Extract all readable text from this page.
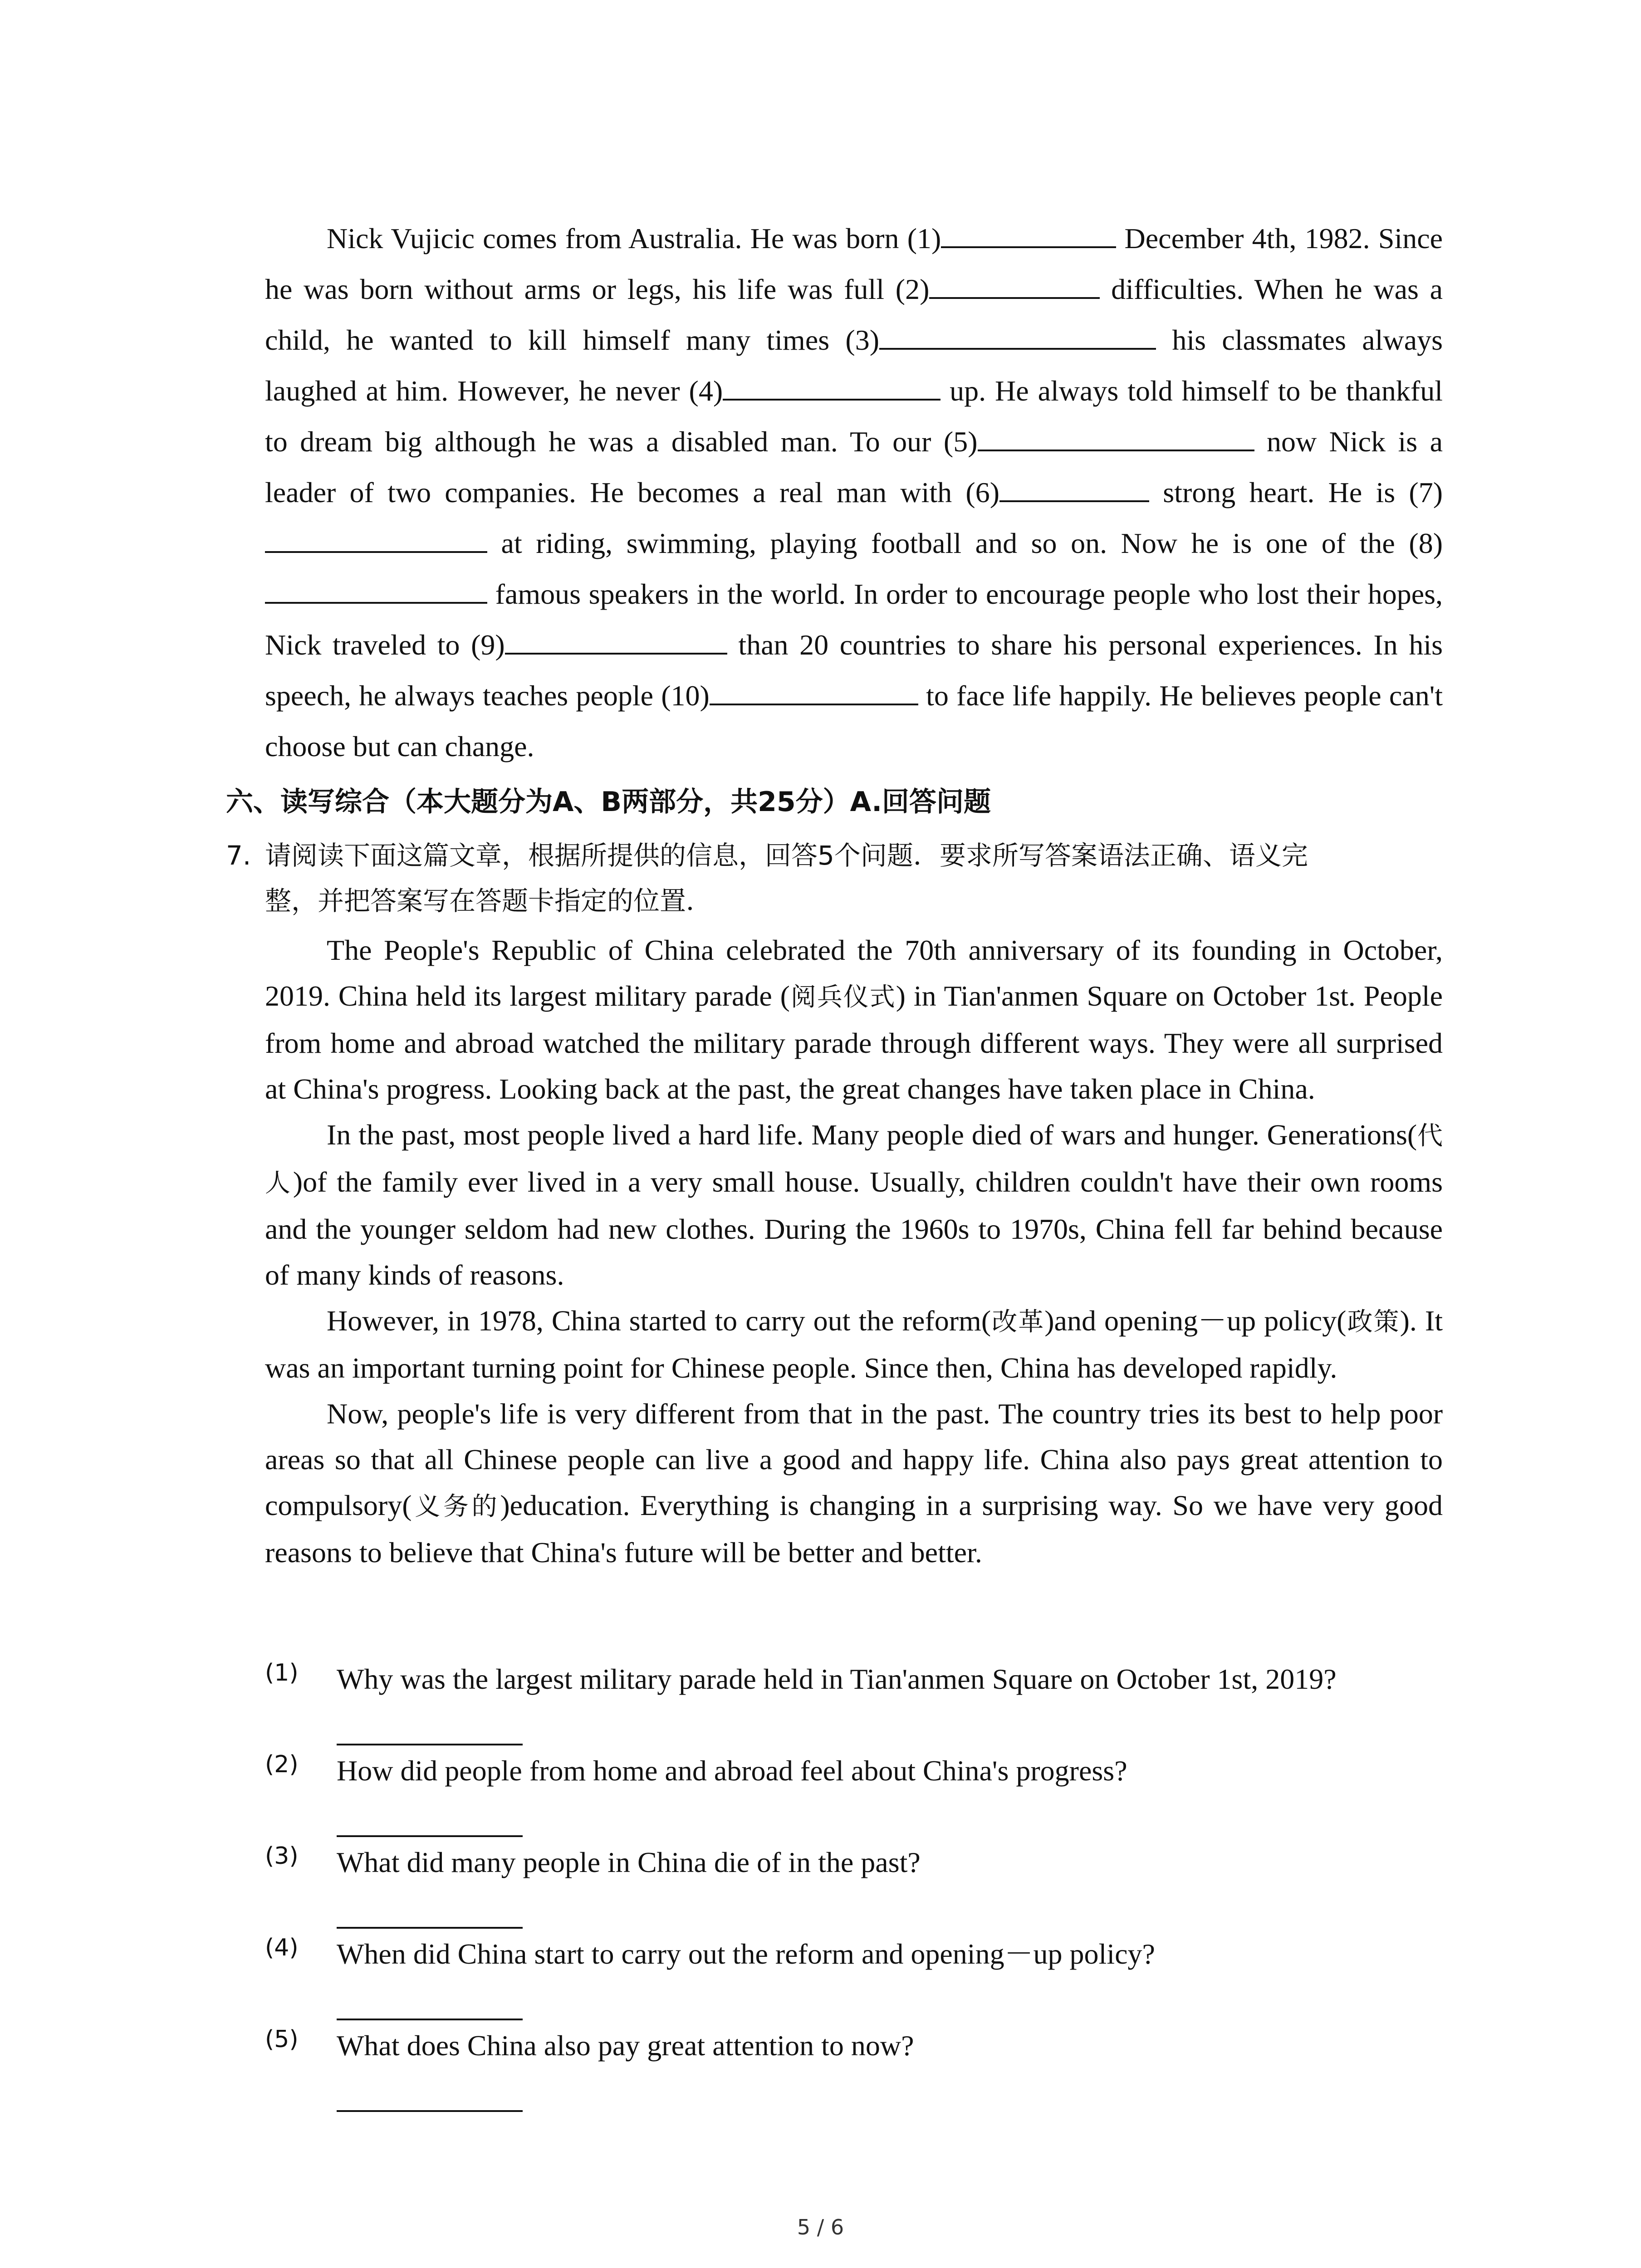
Nick Vujicic comes from Australia. He was born (1)	December 4th, 1982. Since he was born without arms or legs, his life was full (2)	difficulties. When he was a child, he wanted to kill himself many times (3)	his classmates always laughed at him. However, he never (4)	up. He always told himself to be thankful to dream big although he was a disabled man. To our (5)	now Nick is a leader of two companies. He becomes a real man with (6)	strong heart. He is (7) at riding, swimming, playing football and so on. Now he is one of the (8) famous speakers in the world. In order to encourage people who lost their hopes, Nick traveled to (9)	than 20 countries to share his personal experiences. In his speech, he always teaches people (10)	to face life happily. He believes people can't choose but can change.

六、读写综合（本大题分为A、B两部分，共25分）A.回答问题
7. 请阅读下面这篇文章，根据所提供的信息，回答5个问题．要求所写答案语法正确、语义完
整，并把答案写在答题卡指定的位置．

The People's Republic of China celebrated the 70th anniversary of its founding in October, 2019. China held its largest military parade (阅兵仪式) in Tian'anmen Square on October 1st. People from home and abroad watched the military parade through different ways. They were all surprised at China's progress. Looking back at the past, the great changes have taken place in China.

In the past, most people lived a hard life. Many people died of wars and hunger. Generations(代人)of the family ever lived in a very small house. Usually, children couldn't have their own rooms and the younger seldom had new clothes. During the 1960s to 1970s, China fell far behind because of many kinds of reasons.

However, in 1978, China started to carry out the reform(改革)and opening－up policy(政策). It was an important turning point for Chinese people. Since then, China has developed rapidly.

Now, people's life is very different from that in the past. The country tries its best to help poor areas so that all Chinese people can live a good and happy life. China also pays great attention to compulsory(义务的)education. Everything is changing in a surprising way. So we have very good reasons to believe that China's future will be better and better.

(1) Why was the largest military parade held in Tian'anmen Square on October 1st, 2019?
(2) How did people from home and abroad feel about China's progress?
(3) What did many people in China die of in the past?
(4) When did China start to carry out the reform and opening－up policy?
(5) What does China also pay great attention to now?
5 / 6
